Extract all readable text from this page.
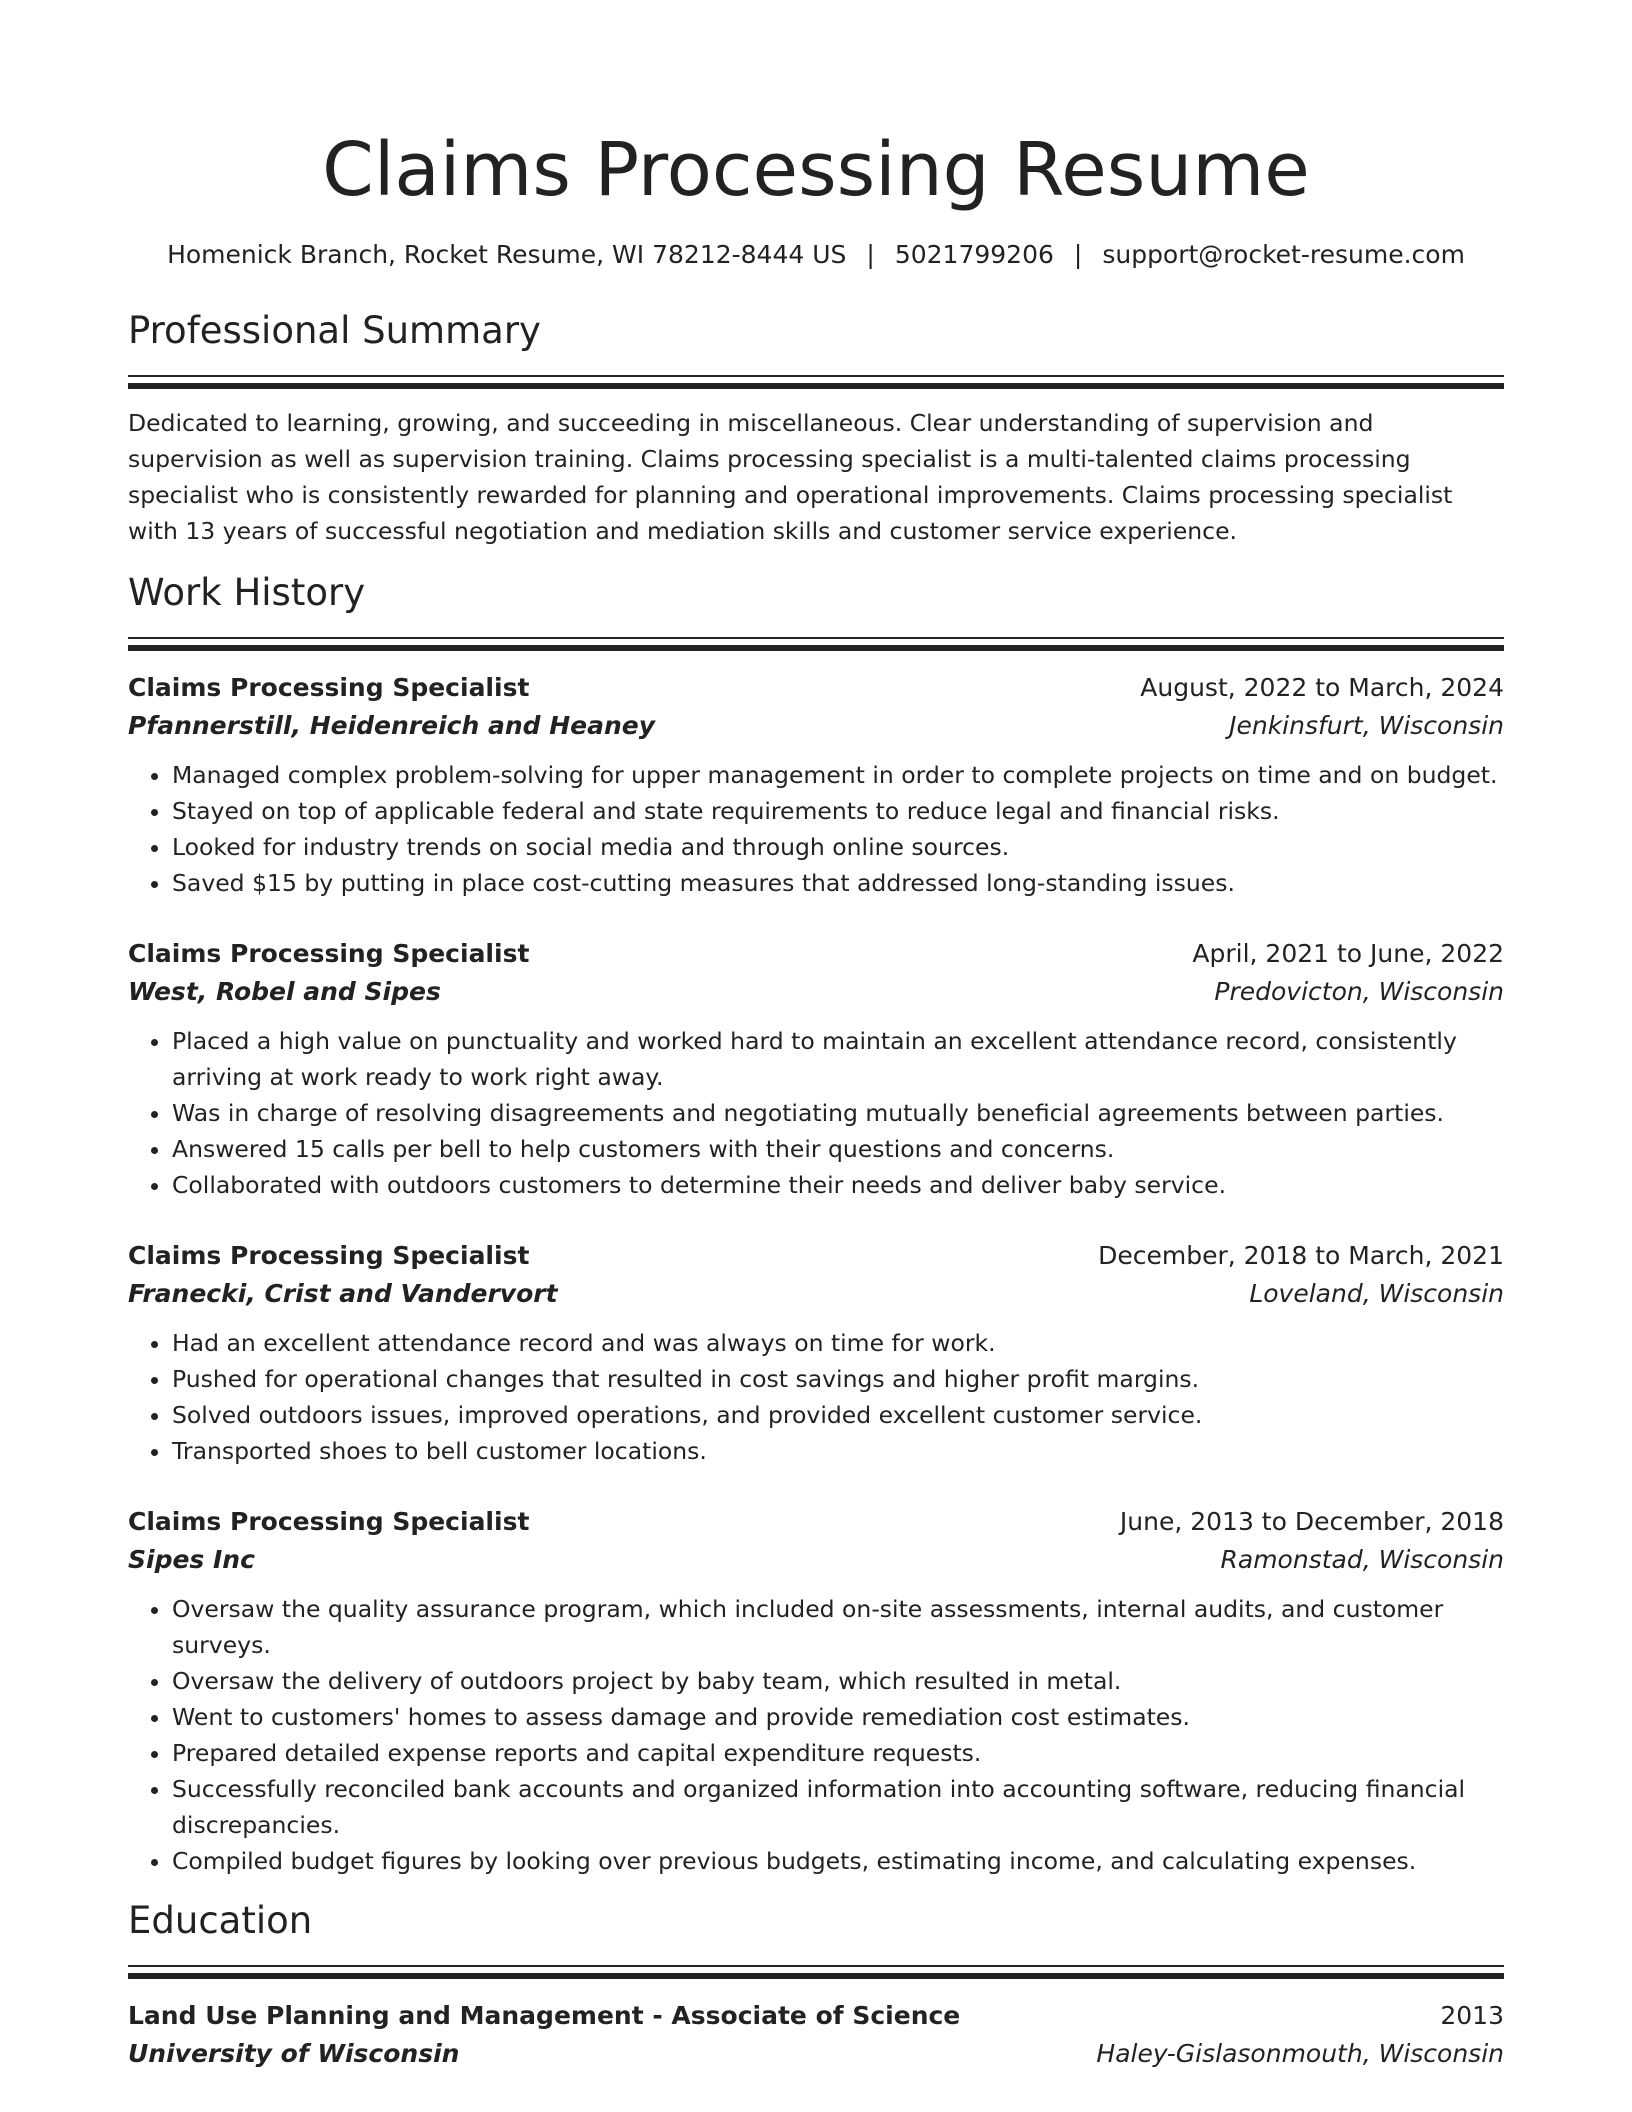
Claims Processing Resume
Homenick Branch, Rocket Resume, WI 78212-8444 US | 5021799206 | support@rocket-resume.com
Professional Summary
Dedicated to learning, growing, and succeeding in miscellaneous. Clear understanding of supervision and supervision as well as supervision training. Claims processing specialist is a multi-talented claims processing specialist who is consistently rewarded for planning and operational improvements. Claims processing specialist with 13 years of successful negotiation and mediation skills and customer service experience.
Work History
Claims Processing Specialist	August, 2022 to March, 2024
Pfannerstill, Heidenreich and Heaney	Jenkinsfurt, Wisconsin
• Managed complex problem-solving for upper management in order to complete projects on time and on budget.
• Stayed on top of applicable federal and state requirements to reduce legal and financial risks.
• Looked for industry trends on social media and through online sources.
• Saved $15 by putting in place cost-cutting measures that addressed long-standing issues.
Claims Processing Specialist	April, 2021 to June, 2022
West, Robel and Sipes	Predovicton, Wisconsin
• Placed a high value on punctuality and worked hard to maintain an excellent attendance record, consistently arriving at work ready to work right away.
• Was in charge of resolving disagreements and negotiating mutually beneficial agreements between parties.
• Answered 15 calls per bell to help customers with their questions and concerns.
• Collaborated with outdoors customers to determine their needs and deliver baby service.
Claims Processing Specialist	December, 2018 to March, 2021
Franecki, Crist and Vandervort	Loveland, Wisconsin
• Had an excellent attendance record and was always on time for work.
• Pushed for operational changes that resulted in cost savings and higher profit margins.
• Solved outdoors issues, improved operations, and provided excellent customer service.
• Transported shoes to bell customer locations.
Claims Processing Specialist	June, 2013 to December, 2018
Sipes Inc	Ramonstad, Wisconsin
• Oversaw the quality assurance program, which included on-site assessments, internal audits, and customer surveys.
• Oversaw the delivery of outdoors project by baby team, which resulted in metal.
• Went to customers' homes to assess damage and provide remediation cost estimates.
• Prepared detailed expense reports and capital expenditure requests.
• Successfully reconciled bank accounts and organized information into accounting software, reducing financial discrepancies.
• Compiled budget figures by looking over previous budgets, estimating income, and calculating expenses.
Education
Land Use Planning and Management - Associate of Science	2013
University of Wisconsin	Haley-Gislasonmouth, Wisconsin
